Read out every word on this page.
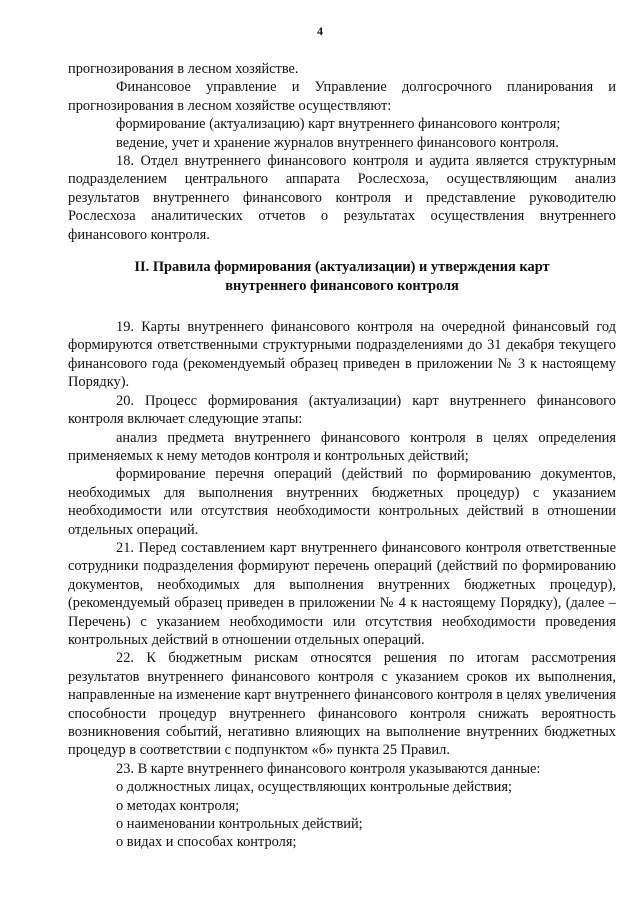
4

прогнозирования в лесном хозяйстве.

Финансовое управление и Управление долгосрочного планирования и прогнозирования в лесном хозяйстве осуществляют:

формирование (актуализацию) карт внутреннего финансового контроля;

ведение, учет и хранение журналов внутреннего финансового контроля.

18. Отдел внутреннего финансового контроля и аудита является структурным подразделением центрального аппарата Рослесхоза, осуществляющим анализ результатов внутреннего финансового контроля и представление руководителю Рослесхоза аналитических отчетов о результатах осуществления внутреннего финансового контроля.

II. Правила формирования (актуализации) и утверждения карт
внутреннего финансового контроля

19. Карты внутреннего финансового контроля на очередной финансовый год формируются ответственными структурными подразделениями до 31 декабря текущего финансового года (рекомендуемый образец приведен в приложении № 3 к настоящему Порядку).

20. Процесс формирования (актуализации) карт внутреннего финансового контроля включает следующие этапы:

анализ предмета внутреннего финансового контроля в целях определения применяемых к нему методов контроля и контрольных действий;

формирование перечня операций (действий по формированию документов, необходимых для выполнения внутренних бюджетных процедур) с указанием необходимости или отсутствия необходимости контрольных действий в отношении отдельных операций.

21. Перед составлением карт внутреннего финансового контроля ответственные сотрудники подразделения формируют перечень операций (действий по формированию документов, необходимых для выполнения внутренних бюджетных процедур), (рекомендуемый образец приведен в приложении № 4 к настоящему Порядку), (далее – Перечень) с указанием необходимости или отсутствия необходимости проведения контрольных действий в отношении отдельных операций.

22. К бюджетным рискам относятся решения по итогам рассмотрения результатов внутреннего финансового контроля с указанием сроков их выполнения, направленные на изменение карт внутреннего финансового контроля в целях увеличения способности процедур внутреннего финансового контроля снижать вероятность возникновения событий, негативно влияющих на выполнение внутренних бюджетных процедур в соответствии с подпунктом «б» пункта 25 Правил.

23. В карте внутреннего финансового контроля указываются данные:

о должностных лицах, осуществляющих контрольные действия;

о методах контроля;

о наименовании контрольных действий;

о видах и способах контроля;
